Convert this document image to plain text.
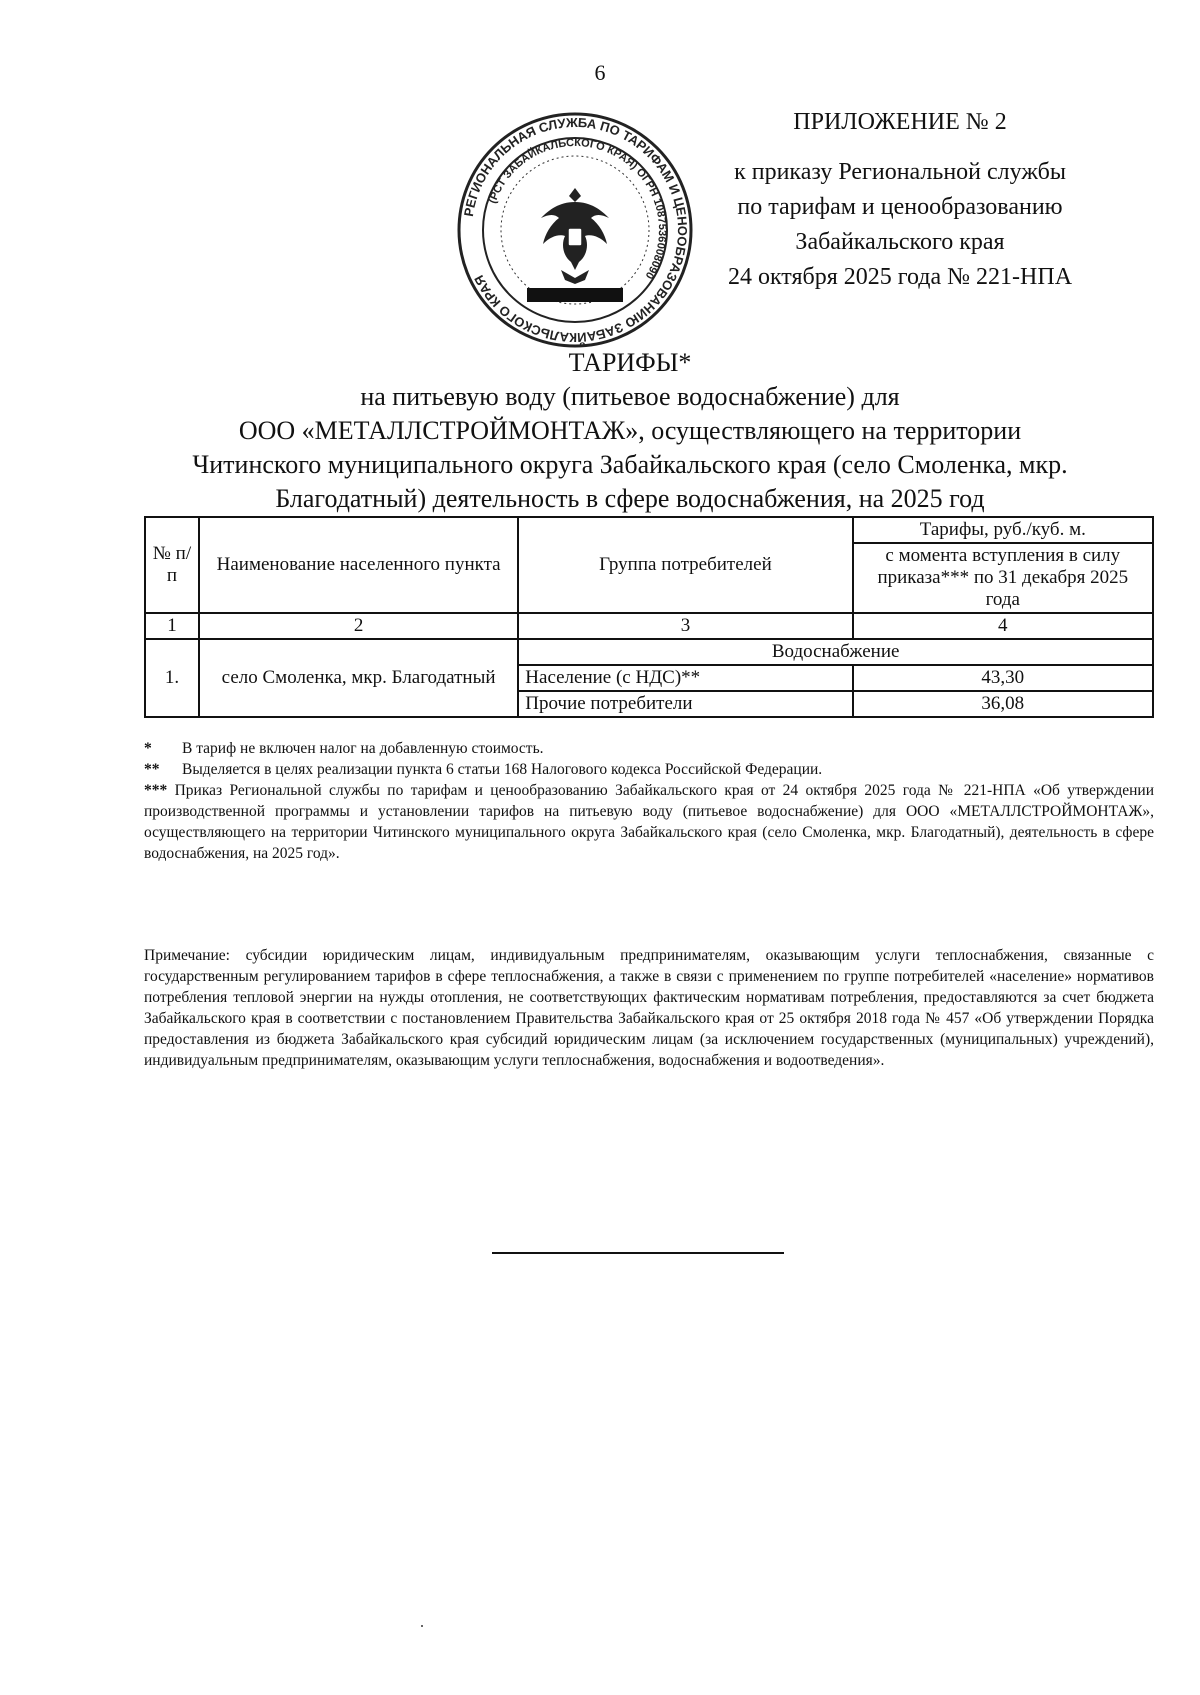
6
ПРИЛОЖЕНИЕ № 2
к приказу Региональной службы
по тарифам и ценообразованию
Забайкальского края
24 октября 2025 года № 221-НПА
РЕГИОНАЛЬНАЯ СЛУЖБА ПО ТАРИФАМ И ЦЕНООБРАЗОВАНИЮ ЗАБАЙКАЛЬСКОГО КРАЯ
(РСТ ЗАБАЙКАЛЬСКОГО КРАЯ) ОГРН 1087536008090
ТАРИФЫ*
на питьевую воду (питьевое водоснабжение) для
ООО «МЕТАЛЛСТРОЙМОНТАЖ», осуществляющего на территории
Читинского муниципального округа Забайкальского края (село Смоленка, мкр.
Благодатный) деятельность в сфере водоснабжения, на 2025 год
№ п/п	Наименование населенного пункта	Группа потребителей	Тарифы, руб./куб. м.
			с момента вступления в силу приказа*** по 31 декабря 2025 года
1	2	3	4
1.	село Смоленка, мкр. Благодатный	Водоснабжение	
		Население (с НДС)**	43,30
		Прочие потребители	36,08
*	В тариф не включен налог на добавленную стоимость.
**	Выделяется в целях реализации пункта 6 статьи 168 Налогового кодекса Российской Федерации.
*** Приказ Региональной службы по тарифам и ценообразованию Забайкальского края от 24 октября 2025 года № 221-НПА «Об утверждении производственной программы и установлении тарифов на питьевую воду (питьевое водоснабжение) для ООО «МЕТАЛЛСТРОЙМОНТАЖ», осуществляющего на территории Читинского муниципального округа Забайкальского края (село Смоленка, мкр. Благодатный), деятельность в сфере водоснабжения, на 2025 год».
Примечание: субсидии юридическим лицам, индивидуальным предпринимателям, оказывающим услуги теплоснабжения, связанные с государственным регулированием тарифов в сфере теплоснабжения, а также в связи с применением по группе потребителей «население» нормативов потребления тепловой энергии на нужды отопления, не соответствующих фактическим нормативам потребления, предоставляются за счет бюджета Забайкальского края в соответствии с постановлением Правительства Забайкальского края от 25 октября 2018 года № 457 «Об утверждении Порядка предоставления из бюджета Забайкальского края субсидий юридическим лицам (за исключением государственных (муниципальных) учреждений), индивидуальным предпринимателям, оказывающим услуги теплоснабжения, водоснабжения и водоотведения».
